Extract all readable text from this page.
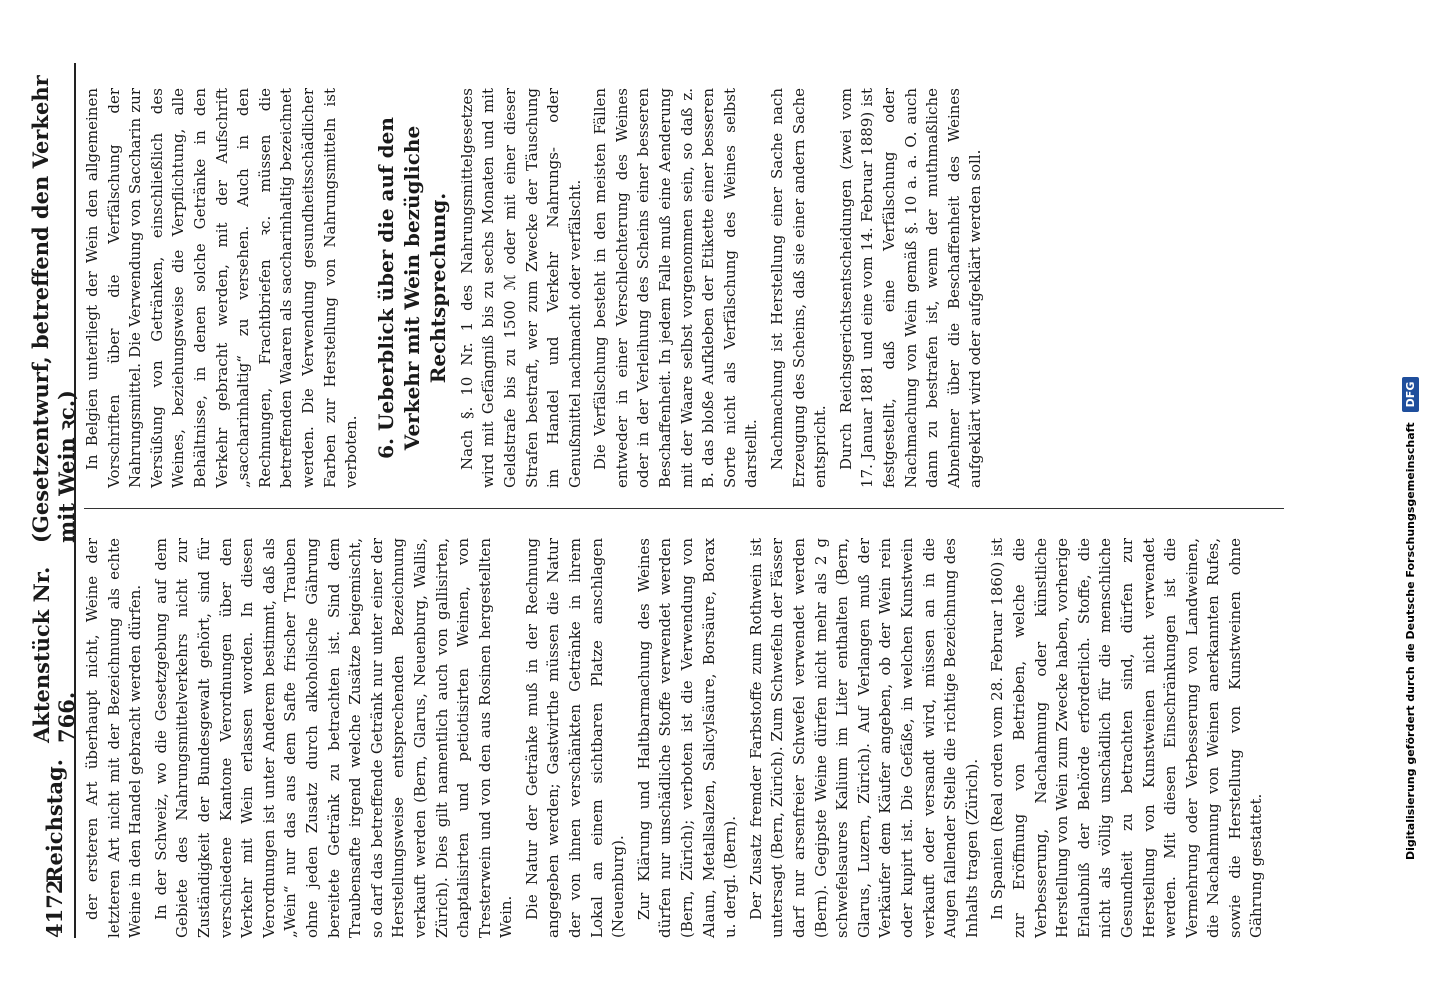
4172
Reichstag.
Aktenstück Nr. 766.
(Gesetzentwurf, betreffend den Verkehr mit Wein ꝛc.)

der ersteren Art überhaupt nicht, Weine der letzteren Art nicht mit der Bezeichnung als echte Weine in den Handel gebracht werden dürfen. In der Schweiz, wo die Gesetzgebung auf dem Gebiete des Nahrungsmittelverkehrs nicht zur Zuständigkeit der Bundesgewalt gehört, sind für verschiedene Kantone Verordnungen über den Verkehr mit Wein erlassen worden. In diesen Verordnungen ist unter Anderem bestimmt, daß als „Wein“ nur das aus dem Safte frischer Trauben ohne jeden Zusatz durch alkoholische Gährung bereitete Getränk zu betrachten ist. Sind dem Traubensafte irgend welche Zusätze beigemischt, so darf das betreffende Getränk nur unter einer der Herstellungsweise entsprechenden Bezeichnung verkauft werden (Bern, Glarus, Neuenburg, Wallis, Zürich). Dies gilt namentlich auch von gallisirten, chaptalisirten und petiotisirten Weinen, von Tresterwein und von den aus Rosinen hergestellten Wein. Die Natur der Getränke muß in der Rechnung angegeben werden; Gastwirthe müssen die Natur der von ihnen verschänkten Getränke in ihrem Lokal an einem sichtbaren Platze anschlagen (Neuenburg). Zur Klärung und Haltbarmachung des Weines dürfen nur unschädliche Stoffe verwendet werden (Bern, Zürich); verboten ist die Verwendung von Alaun, Metallsalzen, Salicylsäure, Borsäure, Borax u. dergl. (Bern). Der Zusatz fremder Farbstoffe zum Rothwein ist untersagt (Bern, Zürich). Zum Schwefeln der Fässer darf nur arsenfreier Schwefel verwendet werden (Bern). Gegipste Weine dürfen nicht mehr als 2 g schwefelsaures Kalium im Liter enthalten (Bern, Glarus, Luzern, Zürich). Auf Verlangen muß der Verkäufer dem Käufer angeben, ob der Wein rein oder kupirt ist. Die Gefäße, in welchen Kunstwein verkauft oder versandt wird, müssen an in die Augen fallender Stelle die richtige Bezeichnung des Inhalts tragen (Zürich). In Spanien (Real orden vom 28. Februar 1860) ist zur Eröffnung von Betrieben, welche die Verbesserung, Nachahmung oder künstliche Herstellung von Wein zum Zwecke haben, vorherige Erlaubniß der Behörde erforderlich. Stoffe, die nicht als völlig unschädlich für die menschliche Gesundheit zu betrachten sind, dürfen zur Herstellung von Kunstweinen nicht verwendet werden. Mit diesen Einschränkungen ist die Vermehrung oder Verbesserung von Landweinen, die Nachahmung von Weinen anerkannten Rufes, sowie die Herstellung von Kunstweinen ohne Gährung gestattet.

In Belgien unterliegt der Wein den allgemeinen Vorschriften über die Verfälschung der Nahrungsmittel. Die Verwendung von Saccharin zur Versüßung von Getränken, einschließlich des Weines, beziehungsweise die Verpflichtung, alle Behältnisse, in denen solche Getränke in den Verkehr gebracht werden, mit der Aufschrift „saccharinhaltig“ zu versehen. Auch in den Rechnungen, Frachtbriefen ꝛc. müssen die betreffenden Waaren als saccharinhaltig bezeichnet werden. Die Verwendung gesundheitsschädlicher Farben zur Herstellung von Nahrungsmitteln ist verboten. 6. Ueberblick über die auf den Verkehr mit Wein bezügliche Rechtsprechung. Nach §. 10 Nr. 1 des Nahrungsmittelgesetzes wird mit Gefängniß bis zu sechs Monaten und mit Geldstrafe bis zu 1500 ℳ oder mit einer dieser Strafen bestraft, wer zum Zwecke der Täuschung im Handel und Verkehr Nahrungs- oder Genußmittel nachmacht oder verfälscht. Die Verfälschung besteht in den meisten Fällen entweder in einer Verschlechterung des Weines oder in der Verleihung des Scheins einer besseren Beschaffenheit. In jedem Falle muß eine Aenderung mit der Waare selbst vorgenommen sein, so daß z. B. das bloße Aufkleben der Etikette einer besseren Sorte nicht als Verfälschung des Weines selbst darstellt. Nachmachung ist Herstellung einer Sache nach Erzeugung des Scheins, daß sie einer andern Sache entspricht. Durch Reichsgerichtsentscheidungen (zwei vom 17. Januar 1881 und eine vom 14. Februar 1889) ist festgestellt, daß eine Verfälschung oder Nachmachung von Wein gemäß §. 10 a. a. O. auch dann zu bestrafen ist, wenn der muthmaßliche Abnehmer über die Beschaffenheit des Weines aufgeklärt wird oder aufgeklärt werden soll.

Digitalisierung gefördert durch die Deutsche Forschungsgemeinschaft
DFG
